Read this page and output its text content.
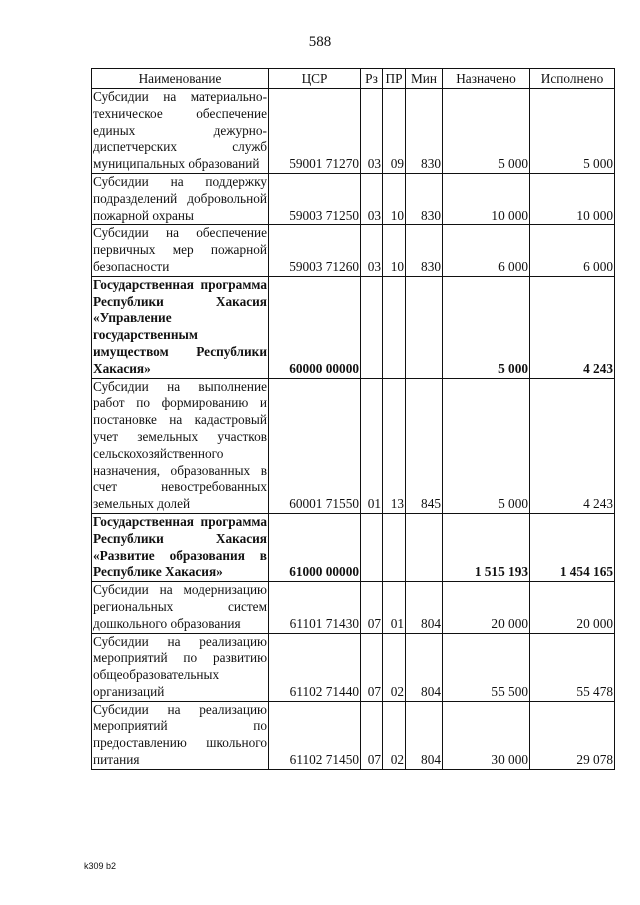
588
Наименование	ЦСР	Рз	ПР	Мин	Назначено	Исполнено
Субсидии на материально-техническое обеспечение единых дежурно-диспетчерских служб муниципальных образований	59001 71270	03	09	830	5 000	5 000
Субсидии на поддержку подразделений добровольной пожарной охраны	59003 71250	03	10	830	10 000	10 000
Субсидии на обеспечение первичных мер пожарной безопасности	59003 71260	03	10	830	6 000	6 000
Государственная программа Республики Хакасия «Управление государственным имуществом Республики Хакасия»	60000 00000				5 000	4 243
Субсидии на выполнение работ по формированию и постановке на кадастровый учет земельных участков сельскохозяйственного назначения, образованных в счет невостребованных земельных долей	60001 71550	01	13	845	5 000	4 243
Государственная программа Республики Хакасия «Развитие образования в Республике Хакасия»	61000 00000				1 515 193	1 454 165
Субсидии на модернизацию региональных систем дошкольного образования	61101 71430	07	01	804	20 000	20 000
Субсидии на реализацию мероприятий по развитию общеобразовательных организаций	61102 71440	07	02	804	55 500	55 478
Субсидии на реализацию мероприятий по предоставлению школьного питания	61102 71450	07	02	804	30 000	29 078
k309 b2
